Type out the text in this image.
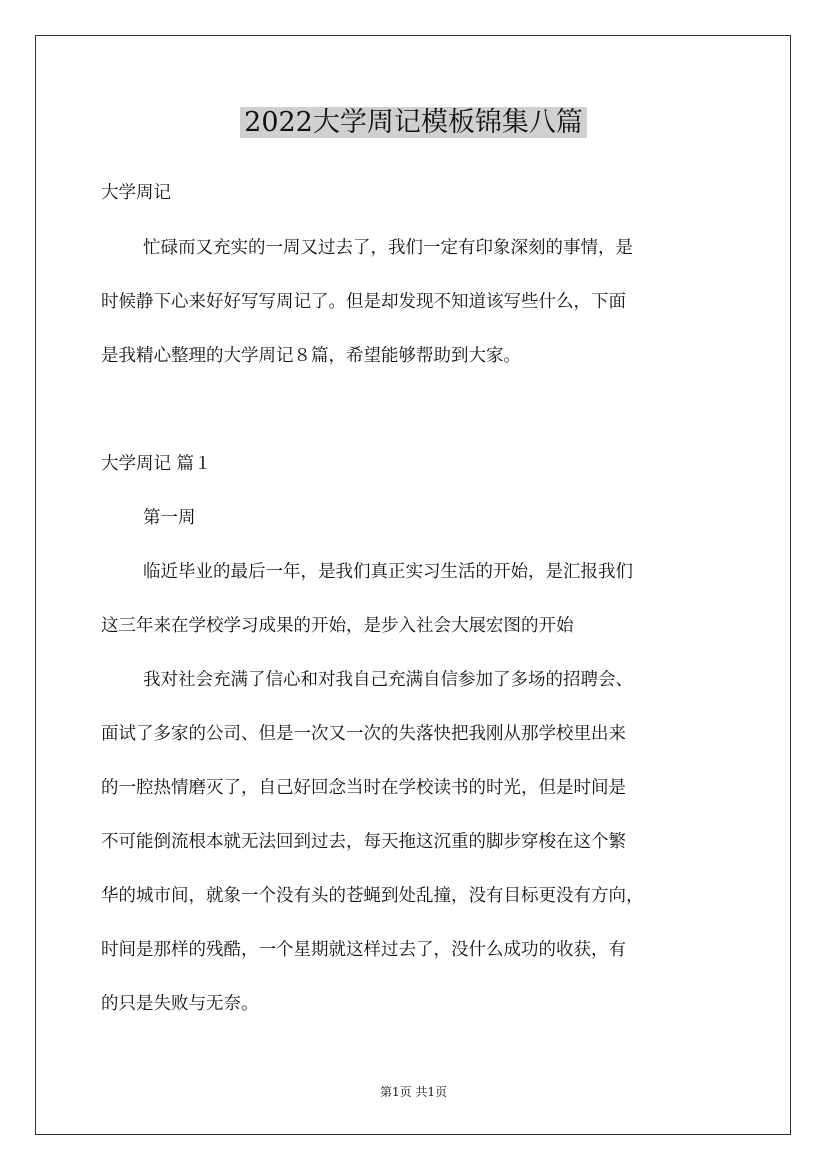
2022大学周记模板锦集八篇

大学周记

忙碌而又充实的一周又过去了，我们一定有印象深刻的事情，是

时候静下心来好好写写周记了。但是却发现不知道该写些什么，下面

是我精心整理的大学周记８篇，希望能够帮助到大家。

大学周记 篇１

第一周

临近毕业的最后一年，是我们真正实习生活的开始，是汇报我们

这三年来在学校学习成果的开始，是步入社会大展宏图的开始

我对社会充满了信心和对我自己充满自信参加了多场的招聘会、

面试了多家的公司、但是一次又一次的失落快把我刚从那学校里出来

的一腔热情磨灭了，自己好回念当时在学校读书的时光，但是时间是

不可能倒流根本就无法回到过去，每天拖这沉重的脚步穿梭在这个繁

华的城市间，就象一个没有头的苍蝇到处乱撞，没有目标更没有方向，

时间是那样的残酷，一个星期就这样过去了，没什么成功的收获，有

的只是失败与无奈。

第1页 共1页
